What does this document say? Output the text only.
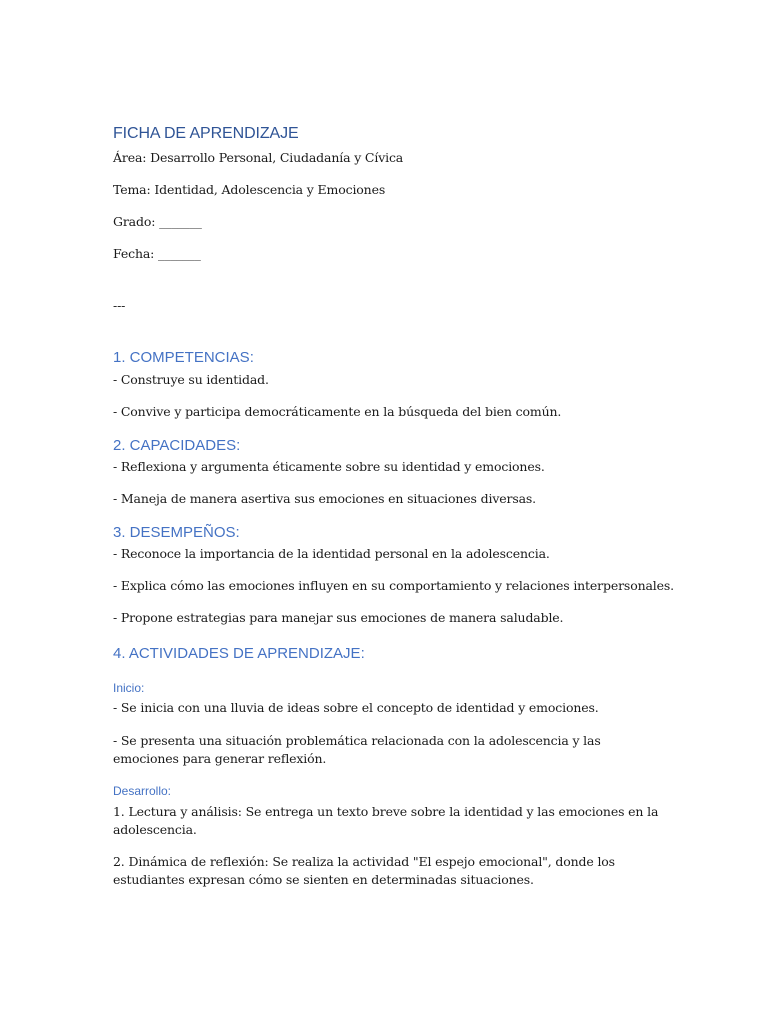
FICHA DE APRENDIZAJE
Área: Desarrollo Personal, Ciudadanía y Cívica
Tema: Identidad, Adolescencia y Emociones
Grado: _______
Fecha: _______
---
1. COMPETENCIAS:
- Construye su identidad.
- Convive y participa democráticamente en la búsqueda del bien común.
2. CAPACIDADES:
- Reflexiona y argumenta éticamente sobre su identidad y emociones.
- Maneja de manera asertiva sus emociones en situaciones diversas.
3. DESEMPEÑOS:
- Reconoce la importancia de la identidad personal en la adolescencia.
- Explica cómo las emociones influyen en su comportamiento y relaciones interpersonales.
- Propone estrategias para manejar sus emociones de manera saludable.
4. ACTIVIDADES DE APRENDIZAJE:
Inicio:
- Se inicia con una lluvia de ideas sobre el concepto de identidad y emociones.
- Se presenta una situación problemática relacionada con la adolescencia y las emociones para generar reflexión.
Desarrollo:
1. Lectura y análisis: Se entrega un texto breve sobre la identidad y las emociones en la adolescencia.
2. Dinámica de reflexión: Se realiza la actividad "El espejo emocional", donde los estudiantes expresan cómo se sienten en determinadas situaciones.
